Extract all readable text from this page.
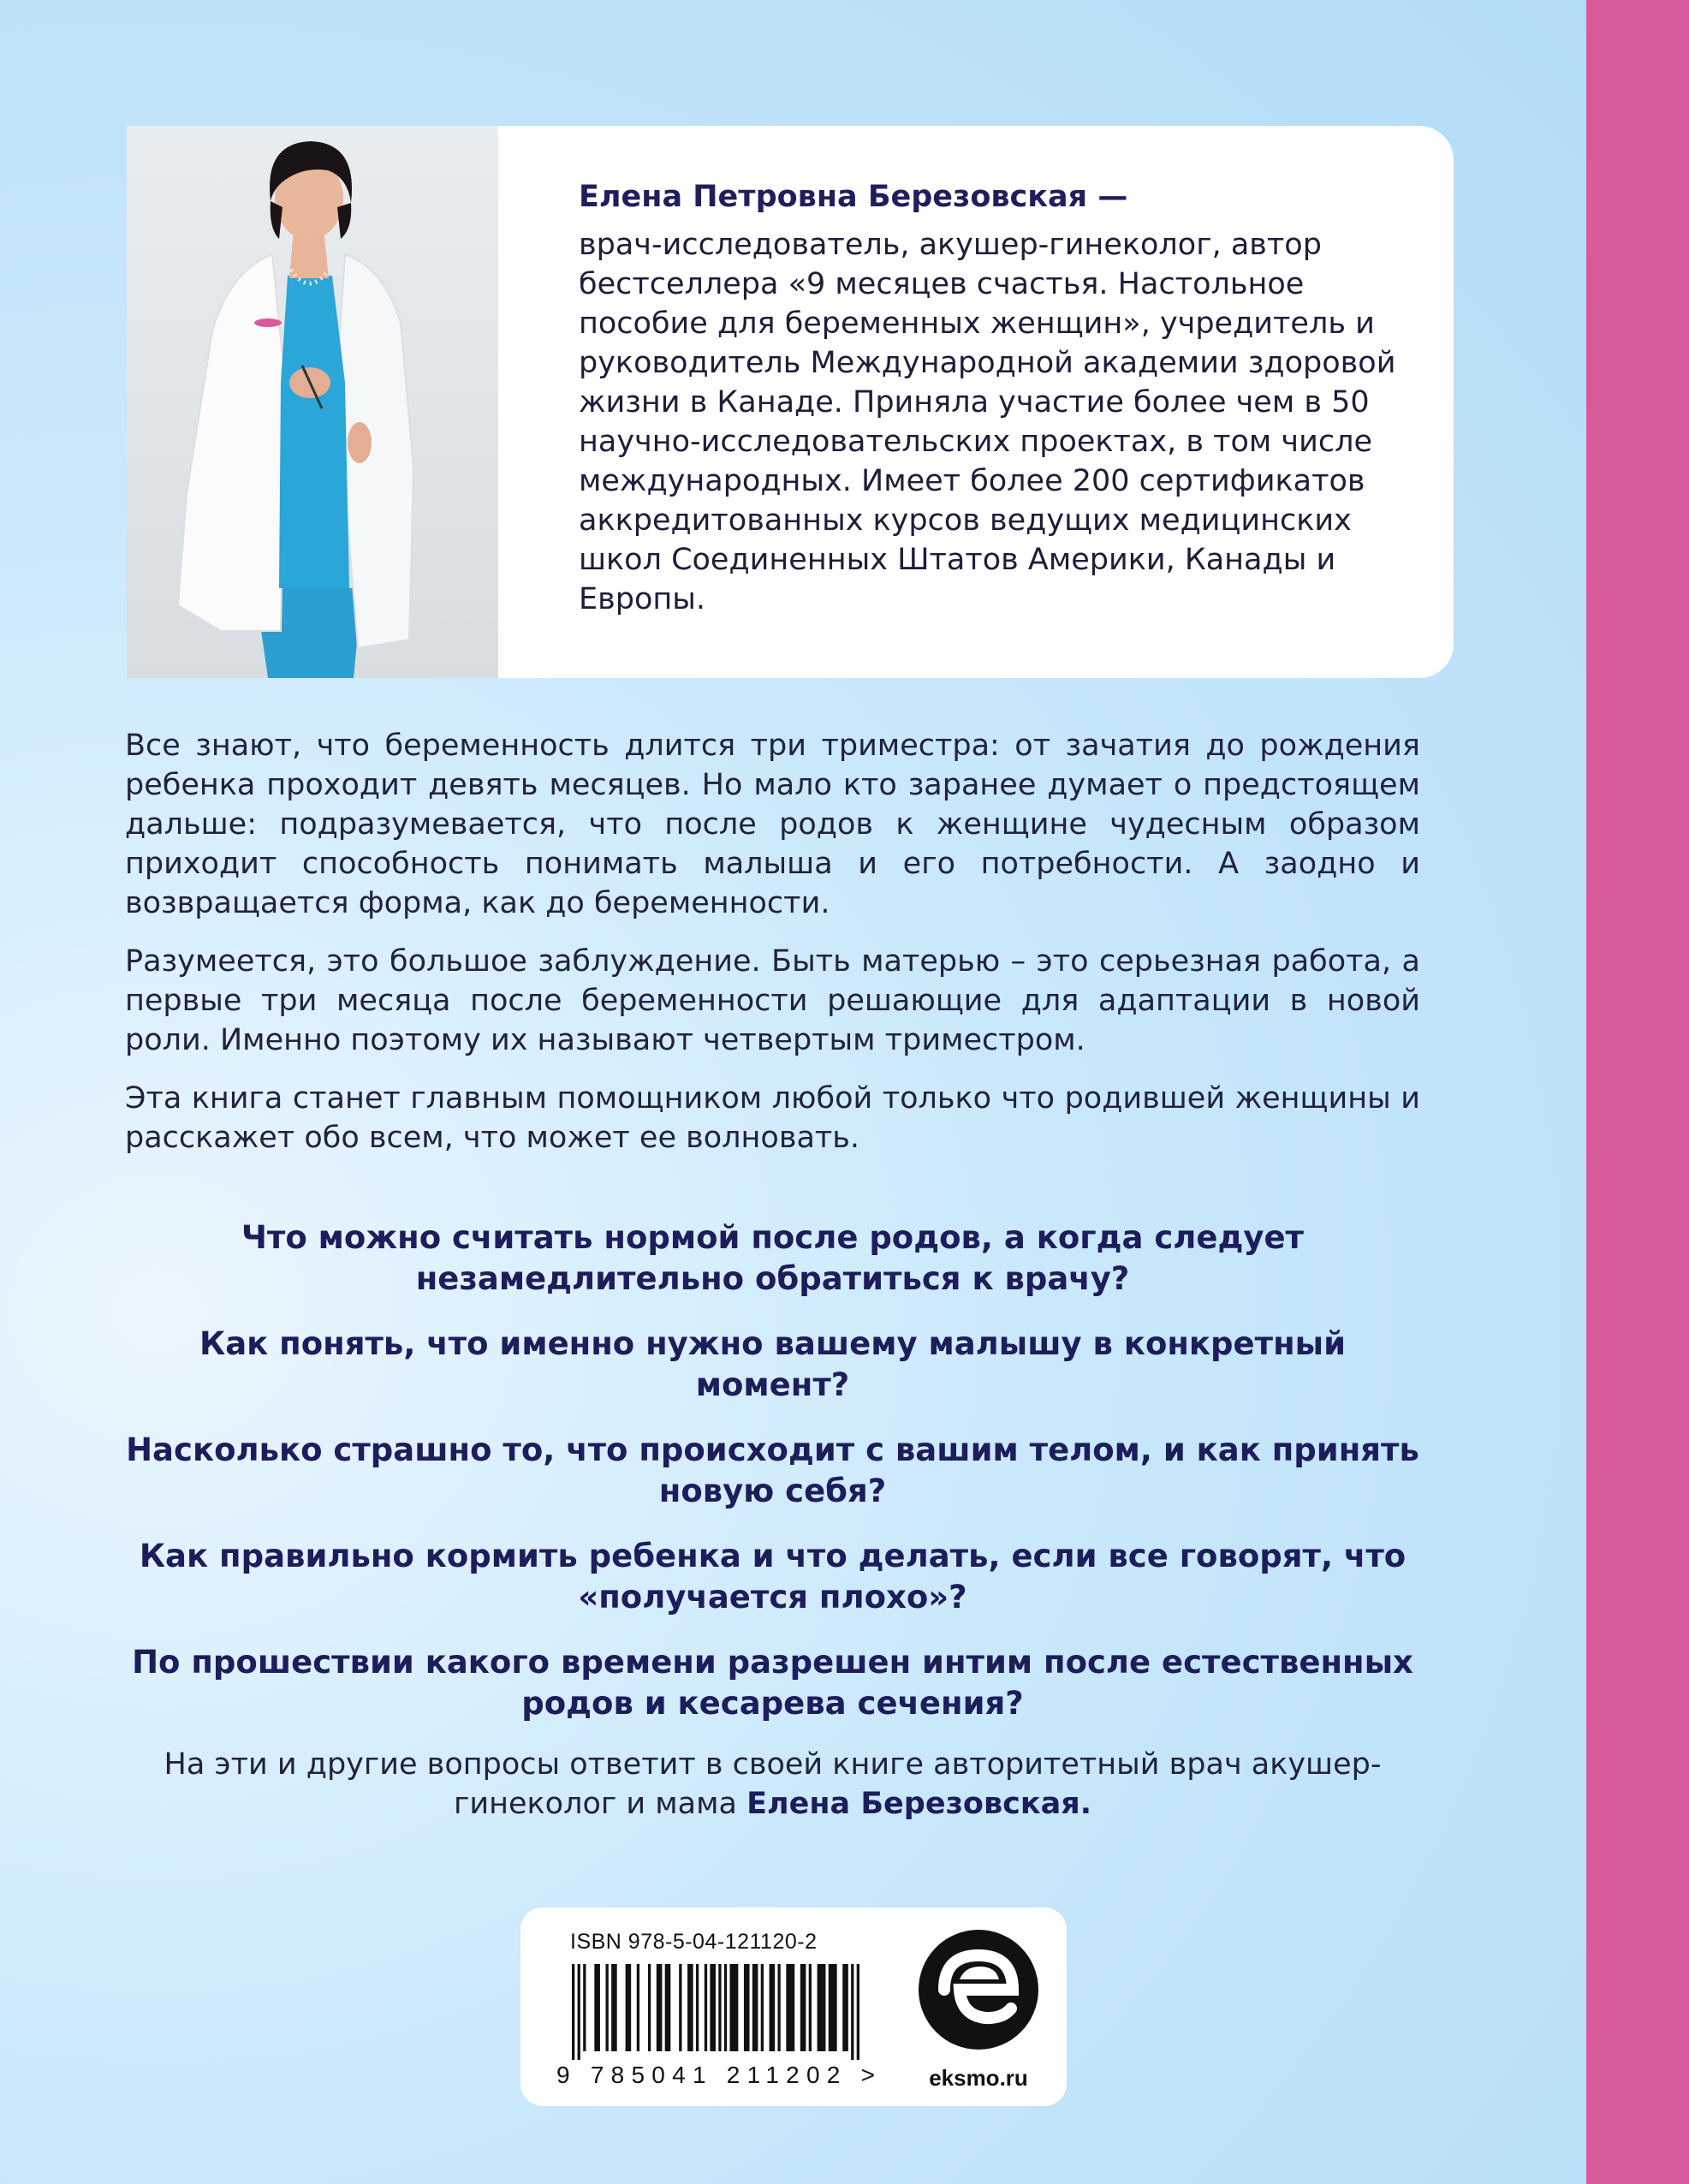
Елена Петровна Березовская —

врач-исследователь, акушер-гинеколог, автор бестселлера «9 месяцев счастья. Настольное пособие для беременных женщин», учредитель и руководитель Международной академии здоровой жизни в Канаде. Приняла участие более чем в 50 научно-исследовательских проектах, в том числе международных. Имеет более 200 сертификатов аккредитованных курсов ведущих медицинских школ Соединенных Штатов Америки, Канады и Европы.

Все знают, что беременность длится три триместра: от зачатия до рождения ребенка проходит девять месяцев. Но мало кто заранее думает о предстоящем дальше: подразумевается, что после родов к женщине чудесным образом приходит способность понимать малыша и его потребности. А заодно и возвращается форма, как до беременности.

Разумеется, это большое заблуждение. Быть матерью – это серьезная работа, а первые три месяца после беременности решающие для адаптации в новой роли. Именно поэтому их называют четвертым триместром.

Эта книга станет главным помощником любой только что родившей женщины и расскажет обо всем, что может ее волновать.

Что можно считать нормой после родов, а когда следует незамедлительно обратиться к врачу?

Как понять, что именно нужно вашему малышу в конкретный момент?

Насколько страшно то, что происходит с вашим телом, и как принять новую себя?

Как правильно кормить ребенка и что делать, если все говорят, что «получается плохо»?

По прошествии какого времени разрешен интим после естественных родов и кесарева сечения?

На эти и другие вопросы ответит в своей книге авторитетный врач акушер-гинеколог и мама Елена Березовская.

ISBN 978-5-04-121120-2
9 785041 211202 >	eksmo.ru
